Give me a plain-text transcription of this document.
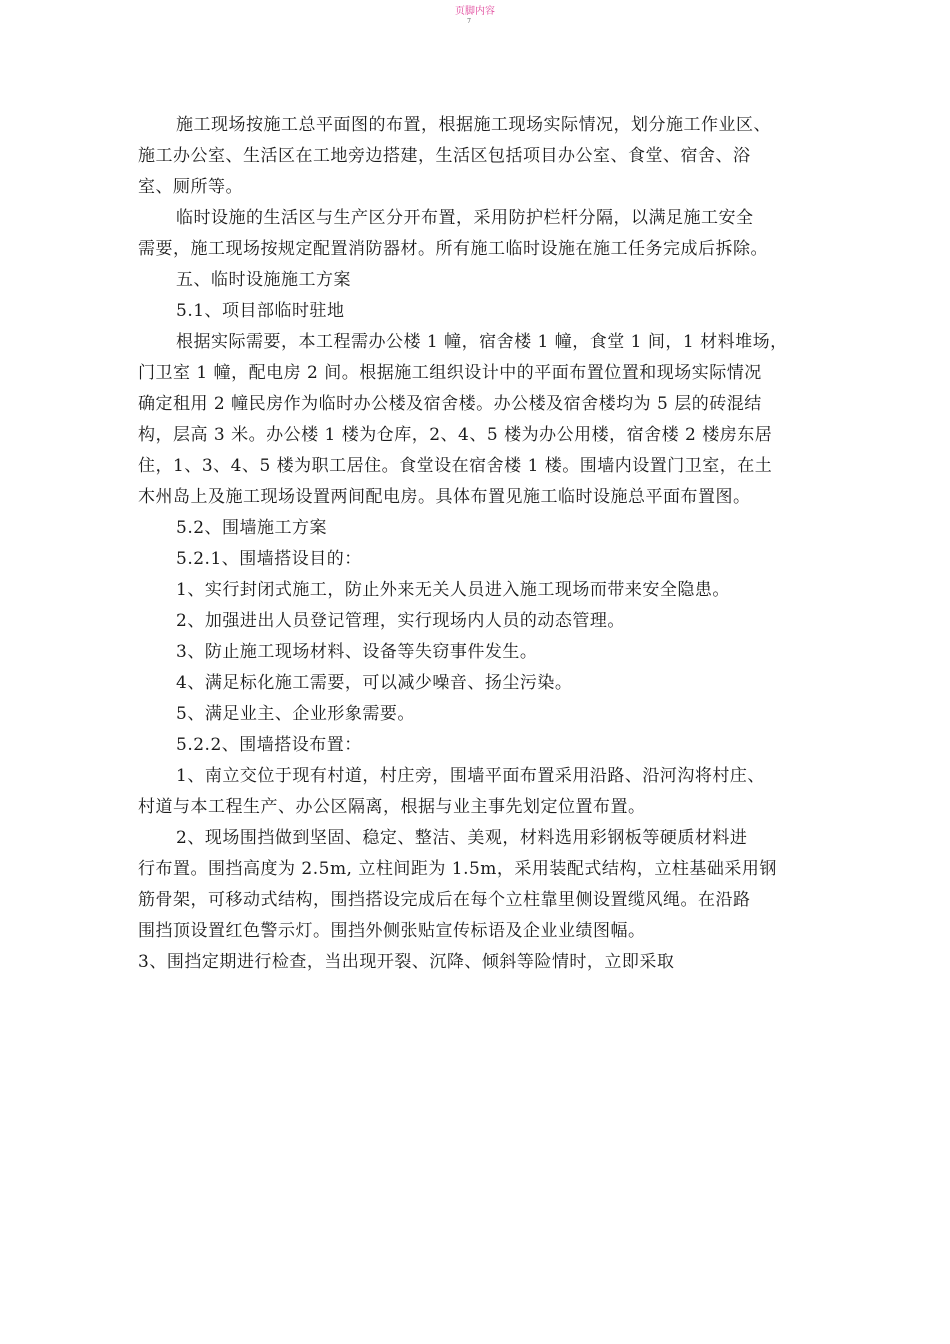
页脚内容
7
施工现场按施工总平面图的布置，根据施工现场实际情况，划分施工作业区、
施工办公室、生活区在工地旁边搭建，生活区包括项目办公室、食堂、宿舍、浴
室、厕所等。
临时设施的生活区与生产区分开布置，采用防护栏杆分隔，以满足施工安全
需要，施工现场按规定配置消防器材。所有施工临时设施在施工任务完成后拆除。
五、临时设施施工方案
5.1、项目部临时驻地
根据实际需要，本工程需办公楼 1 幢，宿舍楼 1 幢，食堂 1 间，1 材料堆场，
门卫室 1 幢，配电房 2 间。根据施工组织设计中的平面布置位置和现场实际情况
确定租用 2 幢民房作为临时办公楼及宿舍楼。办公楼及宿舍楼均为 5 层的砖混结
构，层高 3 米。办公楼 1 楼为仓库，2、4、5 楼为办公用楼，宿舍楼 2 楼房东居
住，1、3、4、5 楼为职工居住。食堂设在宿舍楼 1 楼。围墙内设置门卫室，在土
木州岛上及施工现场设置两间配电房。具体布置见施工临时设施总平面布置图。
5.2、围墙施工方案
5.2.1、围墙搭设目的：
1、实行封闭式施工，防止外来无关人员进入施工现场而带来安全隐患。
2、加强进出人员登记管理，实行现场内人员的动态管理。
3、防止施工现场材料、设备等失窃事件发生。
4、满足标化施工需要，可以减少噪音、扬尘污染。
5、满足业主、企业形象需要。
5.2.2、围墙搭设布置：
1、南立交位于现有村道，村庄旁，围墙平面布置采用沿路、沿河沟将村庄、
村道与本工程生产、办公区隔离，根据与业主事先划定位置布置。
2、现场围挡做到坚固、稳定、整洁、美观，材料选用彩钢板等硬质材料进
行布置。围挡高度为 2.5m, 立柱间距为 1.5m，采用装配式结构，立柱基础采用钢
筋骨架，可移动式结构，围挡搭设完成后在每个立柱靠里侧设置缆风绳。在沿路
围挡顶设置红色警示灯。围挡外侧张贴宣传标语及企业业绩图幅。
3、围挡定期进行检查，当出现开裂、沉降、倾斜等险情时，立即采取
